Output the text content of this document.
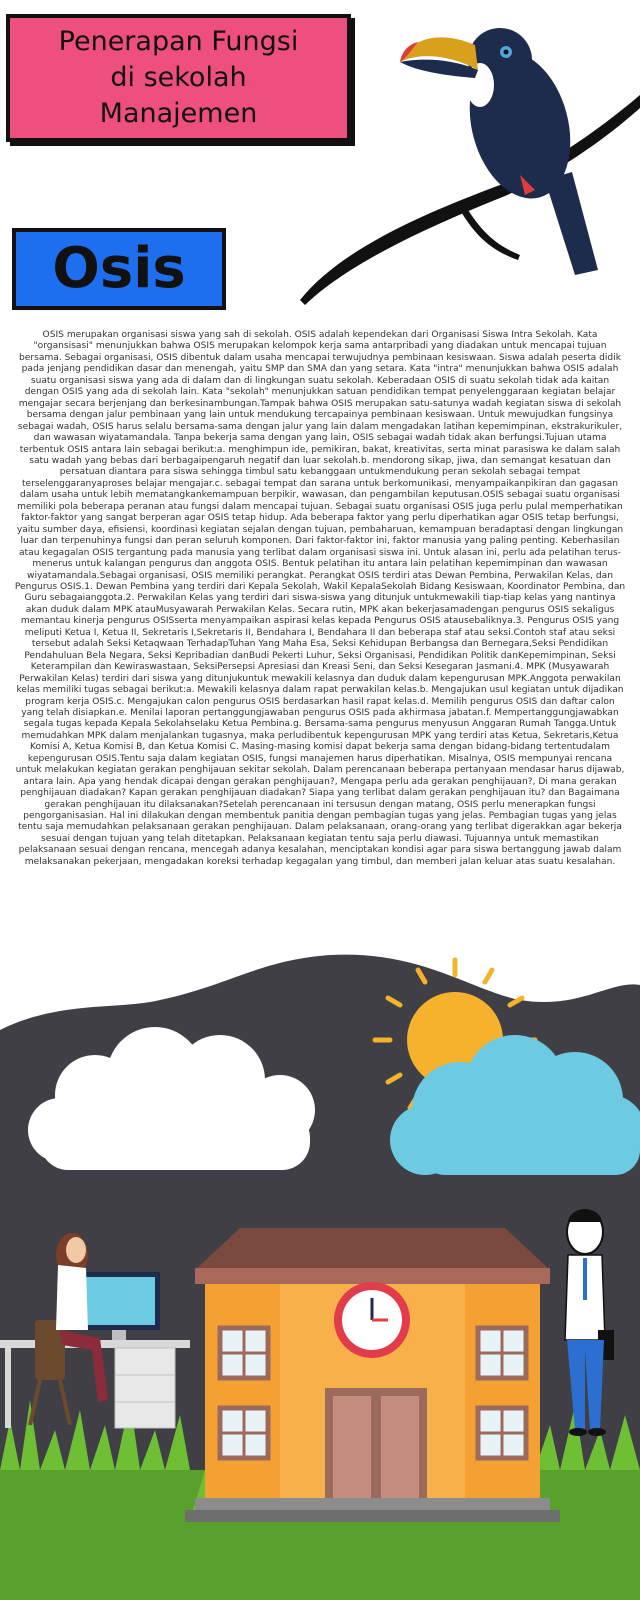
Penerapan Fungsi
di sekolah
Manajemen
Osis
OSIS merupakan organisasi siswa yang sah di sekolah. OSIS adalah kependekan dari Organisasi Siswa Intra Sekolah. Kata "organsisasi" menunjukkan bahwa OSIS merupakan kelompok kerja sama antarpribadi yang diadakan untuk mencapai tujuan bersama. Sebagai organisasi, OSIS dibentuk dalam usaha mencapai terwujudnya pembinaan kesiswaan. Siswa adalah peserta didik pada jenjang pendidikan dasar dan menengah, yaitu SMP dan SMA dan yang setara. Kata "intra" menunjukkan bahwa OSIS adalah suatu organisasi siswa yang ada di dalam dan di lingkungan suatu sekolah. Keberadaan OSIS di suatu sekolah tidak ada kaitan dengan OSIS yang ada di sekolah lain. Kata "sekolah" menunjukkan satuan pendidikan tempat penyelenggaraan kegiatan belajar mengajar secara berjenjang dan berkesinambungan.Tampak bahwa OSIS merupakan satu-satunya wadah kegiatan siswa di sekolah bersama dengan jalur pembinaan yang lain untuk mendukung tercapainya pembinaan kesiswaan. Untuk mewujudkan fungsinya sebagai wadah, OSIS harus selalu bersama-sama dengan jalur yang lain dalam mengadakan latihan kepemimpinan, ekstrakurikuler, dan wawasan wiyatamandala. Tanpa bekerja sama dengan yang lain, OSIS sebagai wadah tidak akan berfungsi.Tujuan utama terbentuk OSIS antara lain sebagai berikut:a. menghimpun ide, pemikiran, bakat, kreativitas, serta minat parasiswa ke dalam salah satu wadah yang bebas dari berbagaipengaruh negatif dan luar sekolah.b. mendorong sikap, jiwa, dan semangat kesatuan dan persatuan diantara para siswa sehingga timbul satu kebanggaan untukmendukung peran sekolah sebagai tempat terselenggaranyaproses belajar mengajar.c. sebagai tempat dan sarana untuk berkomunikasi, menyampaikanpikiran dan gagasan dalam usaha untuk lebih mematangkankemampuan berpikir, wawasan, dan pengambilan keputusan.OSIS sebagai suatu organisasi memiliki pola beberapa peranan atau fungsi dalam mencapai tujuan. Sebagai suatu organisasi OSIS juga perlu pulal memperhatikan faktor-faktor yang sangat berperan agar OSIS tetap hidup. Ada beberapa faktor yang perlu diperhatikan agar OSIS tetap berfungsi, yaitu sumber daya, efisiensi, koordinasi kegiatan sejalan dengan tujuan, pembaharuan, kemampuan beradaptasi dengan lingkungan luar dan terpenuhinya fungsi dan peran seluruh komponen. Dari faktor-faktor ini, faktor manusia yang paling penting. Keberhasilan atau kegagalan OSIS tergantung pada manusia yang terlibat dalam organisasi siswa ini. Untuk alasan ini, perlu ada pelatihan terus-menerus untuk kalangan pengurus dan anggota OSIS. Bentuk pelatihan itu antara lain pelatihan kepemimpinan dan wawasan wiyatamandala.Sebagai organisasi, OSIS memiliki perangkat. Perangkat OSIS terdiri atas Dewan Pembina, Perwakilan Kelas, dan Pengurus OSIS.1. Dewan Pembina yang terdiri dari Kepala Sekolah, Wakil KepalaSekolah Bidang Kesiswaan, Koordinator Pembina, dan Guru sebagaianggota.2. Perwakilan Kelas yang terdiri dari siswa-siswa yang ditunjuk untukmewakili tiap-tiap kelas yang nantinya akan duduk dalam MPK atauMusyawarah Perwakilan Kelas. Secara rutin, MPK akan bekerjasamadengan pengurus OSIS sekaligus memantau kinerja pengurus OSISserta menyampaikan aspirasi kelas kepada Pengurus OSIS atausebaliknya.3. Pengurus OSIS yang meliputi Ketua I, Ketua II, Sekretaris I,Sekretaris II, Bendahara I, Bendahara II dan beberapa staf atau seksi.Contoh staf atau seksi tersebut adalah Seksi Ketaqwaan TerhadapTuhan Yang Maha Esa, Seksi Kehidupan Berbangsa dan Bernegara,Seksi Pendidikan Pendahuluan Bela Negara, Seksi Kepribadian danBudi Pekerti Luhur, Seksi Organisasi, Pendidikan Politik danKepemimpinan, Seksi Keterampilan dan Kewiraswastaan, SeksiPersepsi Apresiasi dan Kreasi Seni, dan Seksi Kesegaran Jasmani.4. MPK (Musyawarah Perwakilan Kelas) terdiri dari siswa yang ditunjukuntuk mewakili kelasnya dan duduk dalam kepengurusan MPK.Anggota perwakilan kelas memiliki tugas sebagai berikut:a. Mewakili kelasnya dalam rapat perwakilan kelas.b. Mengajukan usul kegiatan untuk dijadikan program kerja OSIS.c. Mengajukan calon pengurus OSIS berdasarkan hasil rapat kelas.d. Memilih pengurus OSIS dan daftar calon yang telah disiapkan.e. Menilai laporan pertanggungjawaban pengurus OSIS pada akhirmasa jabatan.f. Mempertanggungjawabkan segala tugas kepada Kepala Sekolahselaku Ketua Pembina.g. Bersama-sama pengurus menyusun Anggaran Rumah Tangga.Untuk memudahkan MPK dalam menjalankan tugasnya, maka perludibentuk kepengurusan MPK yang terdiri atas Ketua, Sekretaris,Ketua Komisi A, Ketua Komisi B, dan Ketua Komisi C. Masing-masing komisi dapat bekerja sama dengan bidang-bidang tertentudalam kepengurusan OSIS.Tentu saja dalam kegiatan OSIS, fungsi manajemen harus diperhatikan. Misalnya, OSIS mempunyai rencana untuk melakukan kegiatan gerakan penghijauan sekitar sekolah. Dalam perencanaan beberapa pertanyaan mendasar harus dijawab, antara lain. Apa yang hendak dicapai dengan gerakan penghijauan?, Mengapa perlu ada gerakan penghijauan?, Di mana gerakan penghijauan diadakan? Kapan gerakan penghijauan diadakan? Siapa yang terlibat dalam gerakan penghijauan itu? dan Bagaimana gerakan penghijauan itu dilaksanakan?Setelah perencanaan ini tersusun dengan matang, OSIS perlu menerapkan fungsi pengorganisasian. Hal ini dilakukan dengan membentuk panitia dengan pembagian tugas yang jelas. Pembagian tugas yang jelas tentu saja memudahkan pelaksanaan gerakan penghijauan. Dalam pelaksanaan, orang-orang yang terlibat digerakkan agar bekerja sesuai dengan tujuan yang telah ditetapkan. Pelaksanaan kegiatan tentu saja perlu diawasi. Tujuannya untuk memastikan pelaksanaan sesuai dengan rencana, mencegah adanya kesalahan, menciptakan kondisi agar para siswa bertanggung jawab dalam melaksanakan pekerjaan, mengadakan koreksi terhadap kegagalan yang timbul, dan memberi jalan keluar atas suatu kesalahan.
